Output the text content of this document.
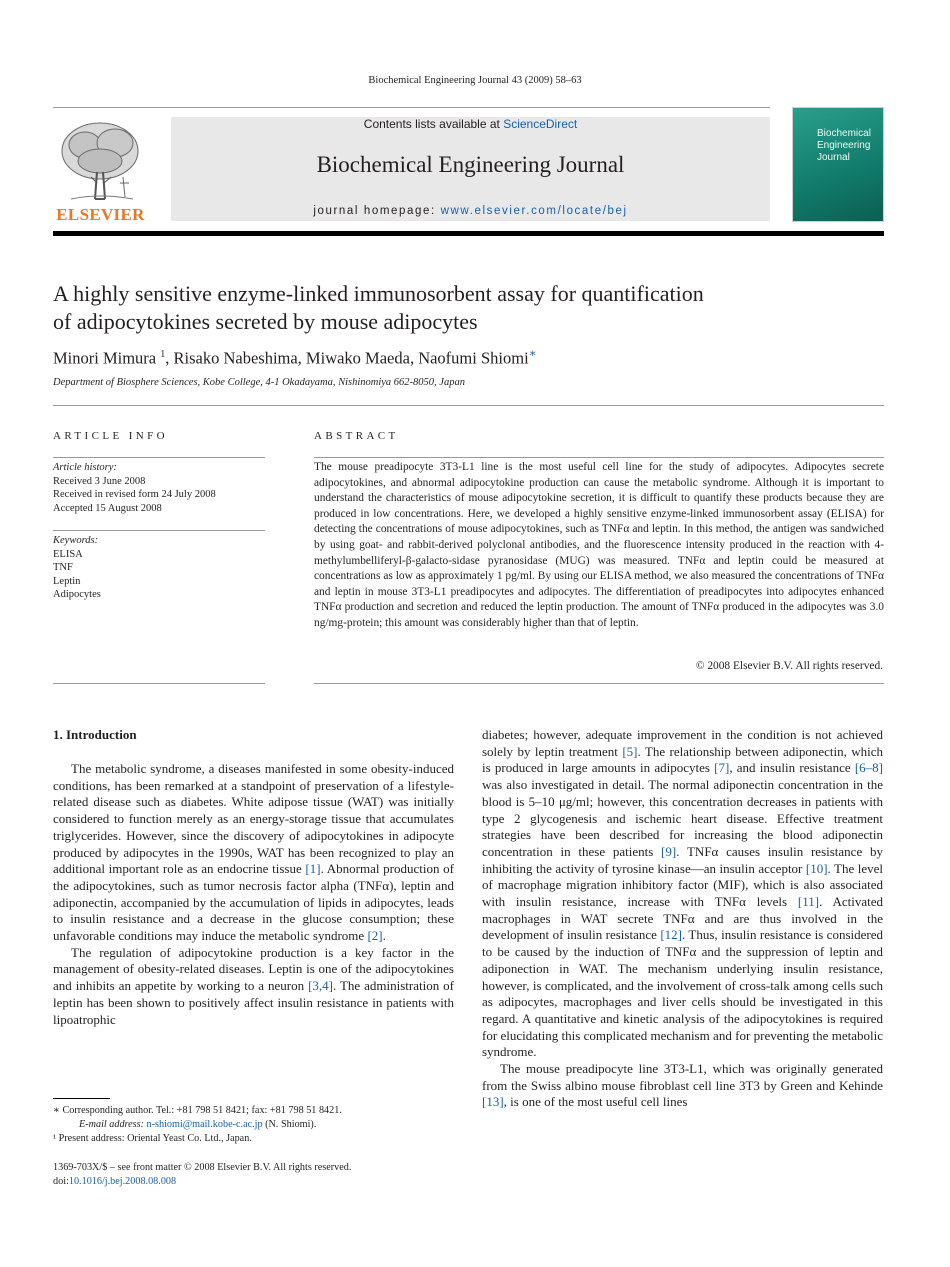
Biochemical Engineering Journal 43 (2009) 58–63
ELSEVIER
Contents lists available at ScienceDirect
Biochemical Engineering Journal
journal homepage: www.elsevier.com/locate/bej
Biochemical Engineering Journal
A highly sensitive enzyme-linked immunosorbent assay for quantification
of adipocytokines secreted by mouse adipocytes
Minori Mimura $^1$, Risako Nabeshima, Miwako Maeda, Naofumi Shiomi∗
Department of Biosphere Sciences, Kobe College, 4-1 Okadayama, Nishinomiya 662-8050, Japan
ARTICLE INFO	ABSTRACT
Article history:
Received 3 June 2008
Received in revised form 24 July 2008
Accepted 15 August 2008
Keywords:
ELISA
TNF
Leptin
Adipocytes

The mouse preadipocyte 3T3-L1 line is the most useful cell line for the study of adipocytes. Adipocytes secrete adipocytokines, and abnormal adipocytokine production can cause the metabolic syndrome. Although it is important to understand the characteristics of mouse adipocytokine secretion, it is difficult to quantify these products because they are produced in low concentrations. Here, we developed a highly sensitive enzyme-linked immunosorbent assay (ELISA) for detecting the concentrations of mouse adipocytokines, such as TNFα and leptin. In this method, the antigen was sandwiched by using goat- and rabbit-derived polyclonal antibodies, and the fluorescence intensity produced in the reaction with 4-methylumbelliferyl-β-galacto-sidase pyranosidase (MUG) was measured. TNFα and leptin could be measured at concentrations as low as approximately 1 pg/ml. By using our ELISA method, we also measured the concentrations of TNFα and leptin in mouse 3T3-L1 preadipocytes and adipocytes. The differentiation of preadipocytes into adipocytes enhanced TNFα production and secretion and reduced the leptin production. The amount of TNFα produced in the adipocytes was 3.0 ng/mg-protein; this amount was considerably higher than that of leptin.

© 2008 Elsevier B.V. All rights reserved.
1. Introduction

The metabolic syndrome, a diseases manifested in some obesity-induced conditions, has been remarked at a standpoint of preservation of a lifestyle-related disease such as diabetes. White adipose tissue (WAT) was initially considered to function merely as an energy-storage tissue that accumulates triglycerides. However, since the discovery of adipocytokines in adipocyte produced by adipocytes in the 1990s, WAT has been recognized to play an additional important role as an endocrine tissue [1]. Abnormal production of the adipocytokines, such as tumor necrosis factor alpha (TNFα), leptin and adiponectin, accompanied by the accumulation of lipids in adipocytes, leads to insulin resistance and a decrease in the glucose consumption; these unfavorable conditions may induce the metabolic syndrome [2].

The regulation of adipocytokine production is a key factor in the management of obesity-related diseases. Leptin is one of the adipocytokines and inhibits an appetite by working to a neuron [3,4]. The administration of leptin has been shown to positively affect insulin resistance in patients with lipoatrophic

diabetes; however, adequate improvement in the condition is not achieved solely by leptin treatment [5]. The relationship between adiponectin, which is produced in large amounts in adipocytes [7], and insulin resistance [6–8] was also investigated in detail. The normal adiponectin concentration in the blood is 5–10 μg/ml; however, this concentration decreases in patients with type 2 glycogenesis and ischemic heart disease. Effective treatment strategies have been described for increasing the blood adiponectin concentration in these patients [9]. TNFα causes insulin resistance by inhibiting the activity of tyrosine kinase—an insulin acceptor [10]. The level of macrophage migration inhibitory factor (MIF), which is also associated with insulin resistance, increase with TNFα levels [11]. Activated macrophages in WAT secrete TNFα and are thus involved in the development of insulin resistance [12]. Thus, insulin resistance is considered to be caused by the induction of TNFα and the suppression of leptin and adiponection in WAT. The mechanism underlying insulin resistance, however, is complicated, and the involvement of cross-talk among cells such as adipocytes, macrophages and liver cells should be investigated in this regard. A quantitative and kinetic analysis of the adipocytokines is required for elucidating this complicated mechanism and for preventing the metabolic syndrome.

The mouse preadipocyte line 3T3-L1, which was originally generated from the Swiss albino mouse fibroblast cell line 3T3 by Green and Kehinde [13], is one of the most useful cell lines

∗ Corresponding author. Tel.: +81 798 51 8421; fax: +81 798 51 8421.
E-mail address: n-shiomi@mail.kobe-c.ac.jp (N. Shiomi).
¹ Present address: Oriental Yeast Co. Ltd., Japan.
1369-703X/$ – see front matter © 2008 Elsevier B.V. All rights reserved.
doi:10.1016/j.bej.2008.08.008
